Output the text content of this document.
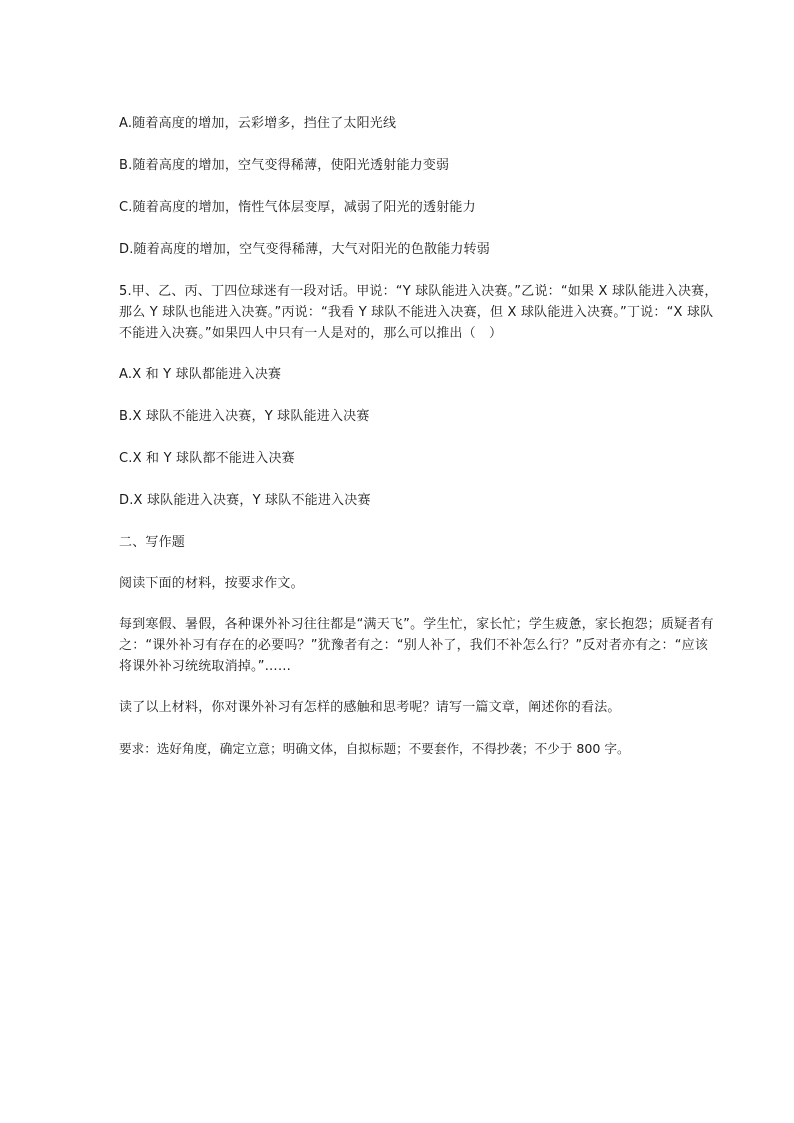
A.随着高度的增加，云彩增多，挡住了太阳光线

B.随着高度的增加，空气变得稀薄，使阳光透射能力变弱

C.随着高度的增加，惰性气体层变厚，减弱了阳光的透射能力

D.随着高度的增加，空气变得稀薄，大气对阳光的色散能力转弱

5.甲、乙、丙、丁四位球迷有一段对话。甲说：“Y 球队能进入决赛。”乙说：“如果 X 球队能进入决赛，那么 Y 球队也能进入决赛。”丙说：“我看 Y 球队不能进入决赛，但 X 球队能进入决赛。”丁说：“X 球队不能进入决赛。”如果四人中只有一人是对的，那么可以推出（　）

A.X 和 Y 球队都能进入决赛

B.X 球队不能进入决赛，Y 球队能进入决赛

C.X 和 Y 球队都不能进入决赛

D.X 球队能进入决赛，Y 球队不能进入决赛

二、写作题

阅读下面的材料，按要求作文。

每到寒假、暑假，各种课外补习往往都是“满天飞”。学生忙，家长忙；学生疲惫，家长抱怨；质疑者有之：“课外补习有存在的必要吗？”犹豫者有之：“别人补了，我们不补怎么行？”反对者亦有之：“应该将课外补习统统取消掉。”……

读了以上材料，你对课外补习有怎样的感触和思考呢？请写一篇文章，阐述你的看法。

要求：选好角度，确定立意；明确文体，自拟标题；不要套作，不得抄袭；不少于 800 字。
